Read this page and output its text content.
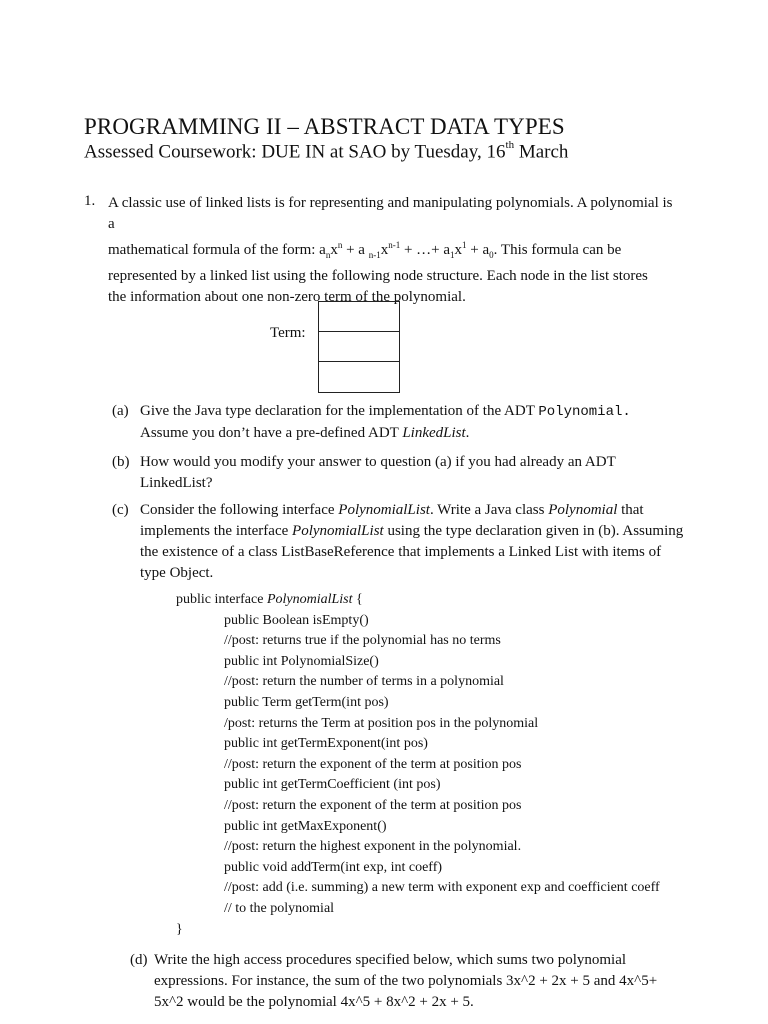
PROGRAMMING II – ABSTRACT DATA TYPES
Assessed Coursework: DUE IN at SAO by Tuesday, 16th March
1. A classic use of linked lists is for representing and manipulating polynomials. A polynomial is

a

mathematical formula of the form: $a_nx^n + a$ $_{n-1}x^{n-1}$ + …+ $a_1x^1 + a_0$. This formula can be

represented by a linked list using the following node structure. Each node in the list stores

the information about one non-zero term of the polynomial.

Term:
(a) Give the Java type declaration for the implementation of the ADT Polynomial.
Assume you don’t have a pre-defined ADT LinkedList.
(b) How would you modify your answer to question (a) if you had already an ADT
LinkedList?
(c) Consider the following interface PolynomialList. Write a Java class Polynomial that
implements the interface PolynomialList using the type declaration given in (b). Assuming
the existence of a class ListBaseReference that implements a Linked List with items of
type Object.
public interface PolynomialList {
public Boolean isEmpty()
//post: returns true if the polynomial has no terms
public int PolynomialSize()
//post: return the number of terms in a polynomial
public Term getTerm(int pos)
/post: returns the Term at position pos in the polynomial
public int getTermExponent(int pos)
//post: return the exponent of the term at position pos
public int getTermCoefficient (int pos)
//post: return the exponent of the term at position pos
public int getMaxExponent()
//post: return the highest exponent in the polynomial.
public void addTerm(int exp, int coeff)
//post: add (i.e. summing) a new term with exponent exp and coefficient coeff
// to the polynomial
}
(d) Write the high access procedures specified below, which sums two polynomial
expressions. For instance, the sum of the two polynomials 3x^2 + 2x + 5 and 4x^5+
5x^2 would be the polynomial 4x^5 + 8x^2 + 2x + 5.
